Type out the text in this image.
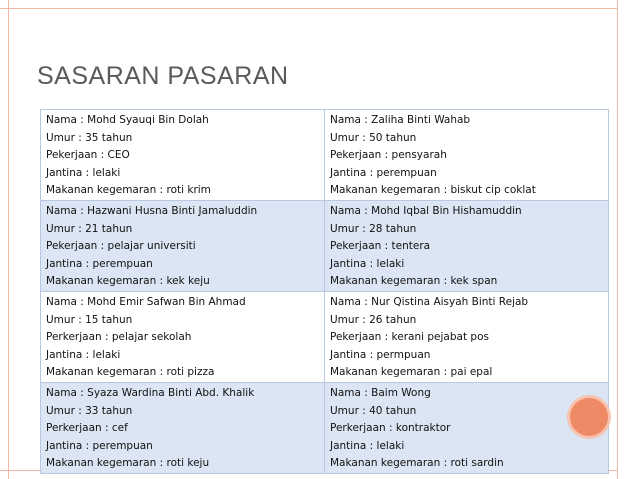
SASARAN PASARAN
Nama : Mohd Syauqi Bin Dolah
Umur : 35 tahun
Pekerjaan : CEO
Jantina : lelaki
Makanan kegemaran : roti krim	Nama : Zaliha Binti Wahab
Umur : 50 tahun
Pekerjaan : pensyarah
Jantina : perempuan
Makanan kegemaran : biskut cip coklat

Nama : Hazwani Husna Binti Jamaluddin
Umur : 21 tahun
Pekerjaan : pelajar universiti
Jantina : perempuan
Makanan kegemaran : kek keju	Nama : Mohd Iqbal Bin Hishamuddin
Umur : 28 tahun
Pekerjaan : tentera
Jantina : lelaki
Makanan kegemaran : kek span

Nama : Mohd Emir Safwan Bin Ahmad
Umur : 15 tahun
Perkerjaan : pelajar sekolah
Jantina : lelaki
Makanan kegemaran : roti pizza	Nama : Nur Qistina Aisyah Binti Rejab
Umur : 26 tahun
Pekerjaan : kerani pejabat pos
Jantina : permpuan
Makanan kegemaran : pai epal

Nama : Syaza Wardina Binti Abd. Khalik
Umur : 33 tahun
Perkerjaan : cef
Jantina : perempuan
Makanan kegemaran : roti keju	Nama : Baim Wong
Umur : 40 tahun
Perkerjaan : kontraktor
Jantina : lelaki
Makanan kegemaran : roti sardin
